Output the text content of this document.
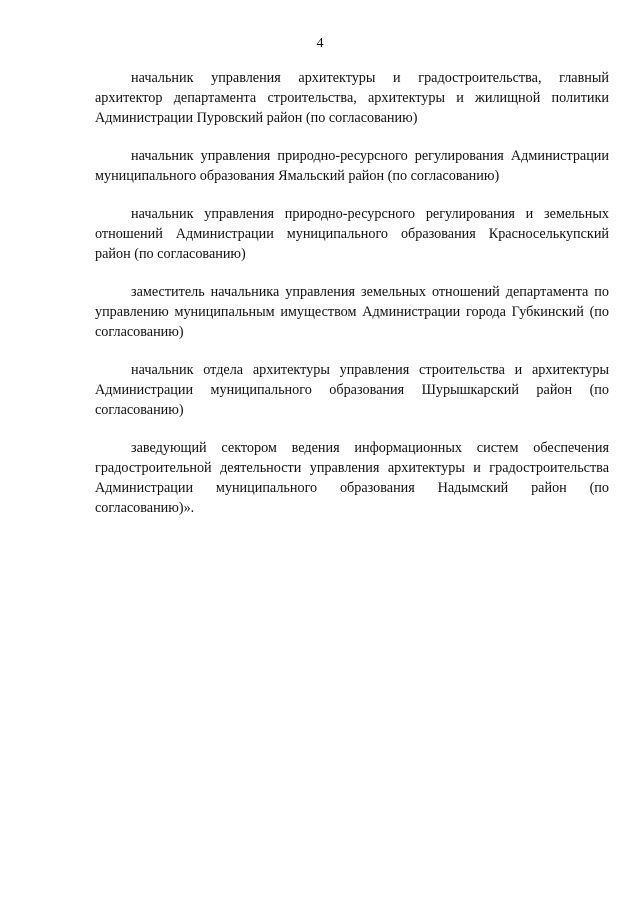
4

начальник управления архитектуры и градостроительства, главный архитектор департамента строительства, архитектуры и жилищной политики Администрации Пуровский район (по согласованию)

начальник управления природно-ресурсного регулирования Администрации муниципального образования Ямальский район (по согласованию)

начальник управления природно-ресурсного регулирования и земельных отношений Администрации муниципального образования Красноселькупский район (по согласованию)

заместитель начальника управления земельных отношений департамента по управлению муниципальным имуществом Администрации города Губкинский (по согласованию)

начальник отдела архитектуры управления строительства и архитектуры Администрации муниципального образования Шурышкарский район (по согласованию)

заведующий сектором ведения информационных систем обеспечения градостроительной деятельности управления архитектуры и градостроительства Администрации муниципального образования Надымский район (по согласованию)».
